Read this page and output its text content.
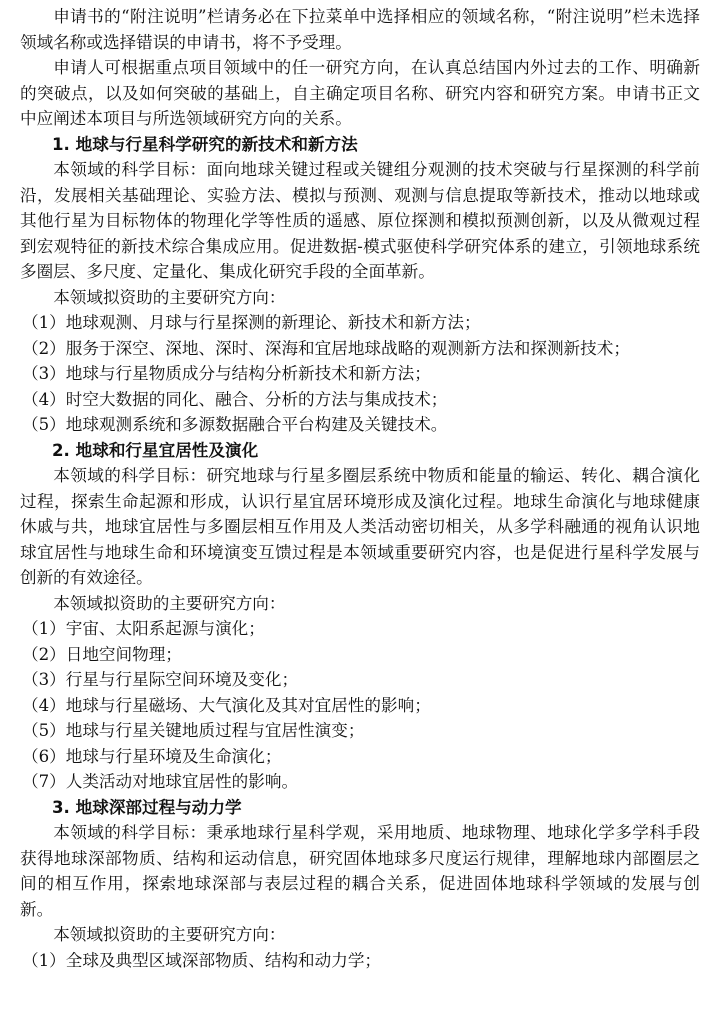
申请书的“附注说明”栏请务必在下拉菜单中选择相应的领域名称，“附注说明”栏未选择领域名称或选择错误的申请书，将不予受理。

申请人可根据重点项目领域中的任一研究方向，在认真总结国内外过去的工作、明确新的突破点，以及如何突破的基础上，自主确定项目名称、研究内容和研究方案。申请书正文中应阐述本项目与所选领域研究方向的关系。

1. 地球与行星科学研究的新技术和新方法

本领域的科学目标：面向地球关键过程或关键组分观测的技术突破与行星探测的科学前沿，发展相关基础理论、实验方法、模拟与预测、观测与信息提取等新技术，推动以地球或其他行星为目标物体的物理化学等性质的遥感、原位探测和模拟预测创新，以及从微观过程到宏观特征的新技术综合集成应用。促进数据-模式驱使科学研究体系的建立，引领地球系统多圈层、多尺度、定量化、集成化研究手段的全面革新。

本领域拟资助的主要研究方向：

（1）地球观测、月球与行星探测的新理论、新技术和新方法；

（2）服务于深空、深地、深时、深海和宜居地球战略的观测新方法和探测新技术；

（3）地球与行星物质成分与结构分析新技术和新方法；

（4）时空大数据的同化、融合、分析的方法与集成技术；

（5）地球观测系统和多源数据融合平台构建及关键技术。

2. 地球和行星宜居性及演化

本领域的科学目标：研究地球与行星多圈层系统中物质和能量的输运、转化、耦合演化过程，探索生命起源和形成，认识行星宜居环境形成及演化过程。地球生命演化与地球健康休戚与共，地球宜居性与多圈层相互作用及人类活动密切相关，从多学科融通的视角认识地球宜居性与地球生命和环境演变互馈过程是本领域重要研究内容，也是促进行星科学发展与创新的有效途径。

本领域拟资助的主要研究方向：

（1）宇宙、太阳系起源与演化；

（2）日地空间物理；

（3）行星与行星际空间环境及变化；

（4）地球与行星磁场、大气演化及其对宜居性的影响；

（5）地球与行星关键地质过程与宜居性演变；

（6）地球与行星环境及生命演化；

（7）人类活动对地球宜居性的影响。

3. 地球深部过程与动力学

本领域的科学目标：秉承地球行星科学观，采用地质、地球物理、地球化学多学科手段获得地球深部物质、结构和运动信息，研究固体地球多尺度运行规律，理解地球内部圈层之间的相互作用，探索地球深部与表层过程的耦合关系，促进固体地球科学领域的发展与创新。

本领域拟资助的主要研究方向：

（1）全球及典型区域深部物质、结构和动力学；
